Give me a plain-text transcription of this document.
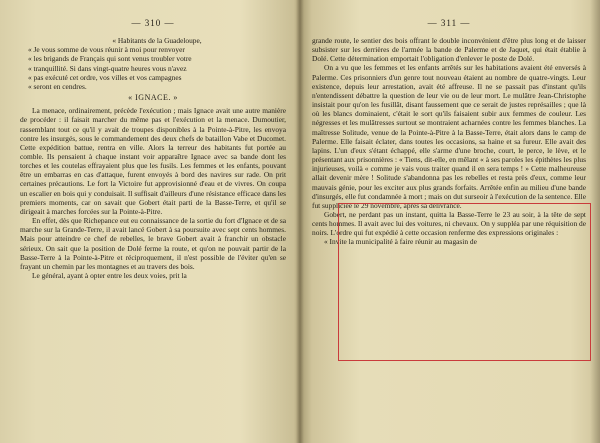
— 310 —

« Habitants de la Guadeloupe,

« Je vous somme de vous réunir à moi pour renvoyer

« les brigands de Français qui sont venus troubler votre

« tranquillité. Si dans vingt-quatre heures vous n'avez

« pas exécuté cet ordre, vos villes et vos campagnes

« seront en cendres.

« IGNACE. »

La menace, ordinairement, précède l'exécution ; mais Ignace avait une autre manière de procéder : il faisait marcher du même pas et l'exécution et la menace. Dumoutier, rassemblant tout ce qu'il y avait de troupes disponibles à la Pointe-à-Pitre, les envoya contre les insurgés, sous le commandement des deux chefs de bataillon Vabe et Ducomet. Cette expédition battue, rentra en ville. Alors la terreur des habitants fut portée au comble. Ils pensaient à chaque instant voir apparaître Ignace avec sa bande dont les torches et les coutelas effrayaient plus que les fusils. Les femmes et les enfants, pouvant être un embarras en cas d'attaque, furent envoyés à bord des navires sur rade. On prit certaines précautions. Le fort la Victoire fut approvisionné d'eau et de vivres. On coupa un escalier en bois qui y conduisait. Il suffisait d'ailleurs d'une résistance efficace dans les premiers moments, car on savait que Gobert était parti de la Basse-Terre, et qu'il se dirigeait à marches forcées sur la Pointe-à-Pitre.

En effet, dès que Richepance eut eu connaissance de la sortie du fort d'Ignace et de sa marche sur la Grande-Terre, il avait lancé Gobert à sa poursuite avec sept cents hommes. Mais pour atteindre ce chef de rebelles, le brave Gobert avait à franchir un obstacle sérieux. On sait que la position de Dolé ferme la route, et qu'on ne pouvait partir de la Basse-Terre à la Pointe-à-Pitre et réciproquement, il n'est possible de l'éviter qu'en se frayant un chemin par les montagnes et au travers des bois.

Le général, ayant à opter entre les deux voies, prit la

— 311 —

grande route, le sentier des bois offrant le double inconvénient d'être plus long et de laisser subsister sur les derrières de l'armée la bande de Palerme et de Jaquet, qui était établie à Dolé. Cette détermination emportait l'obligation d'enlever le poste de Dolé.

On a vu que les femmes et les enfants arrêtés sur les habitations avaient été enversés à Palerme. Ces prisonniers d'un genre tout nouveau étaient au nombre de quatre-vingts. Leur existence, depuis leur arrestation, avait été affreuse. Il ne se passait pas d'instant qu'ils n'entendissent débattre la question de leur vie ou de leur mort. Le mulâtre Jean-Christophe insistait pour qu'on les fusillât, disant faussement que ce serait de justes représailles ; que là où les blancs dominaient, c'était le sort qu'ils faisaient subir aux femmes de couleur. Les négresses et les mulâtresses surtout se montraient acharnées contre les femmes blanches. La maîtresse Solitude, venue de la Pointe-à-Pitre à la Basse-Terre, était alors dans le camp de Palerme. Elle faisait éclater, dans toutes les occasions, sa haine et sa fureur. Elle avait des lapins. L'un d'eux s'étant échappé, elle s'arme d'une broche, court, le perce, le lève, et le présentant aux prisonnières : « Tiens, dit-elle, en mêlant « à ses paroles les épithètes les plus injurieuses, voilà « comme je vais vous traiter quand il en sera temps ! » Cette malheureuse allait devenir mère ! Solitude s'abandonna pas les rebelles et resta près d'eux, comme leur mauvais génie, pour les exciter aux plus grands forfaits. Arrêtée enfin au milieu d'une bande d'insurgés, elle fut condamnée à mort ; mais on dut surseoir à l'exécution de la sentence. Elle fut suppliciée le 29 novembre, après sa délivrance.

Gobert, ne perdant pas un instant, quitta la Basse-Terre le 23 au soir, à la tête de sept cents hommes. Il avait avec lui des voitures, ni chevaux. On y suppléa par une réquisition de noirs. L'ordre qui fut expédié à cette occasion renferme des expressions originales :

« Invite la municipalité à faire réunir au magasin de
